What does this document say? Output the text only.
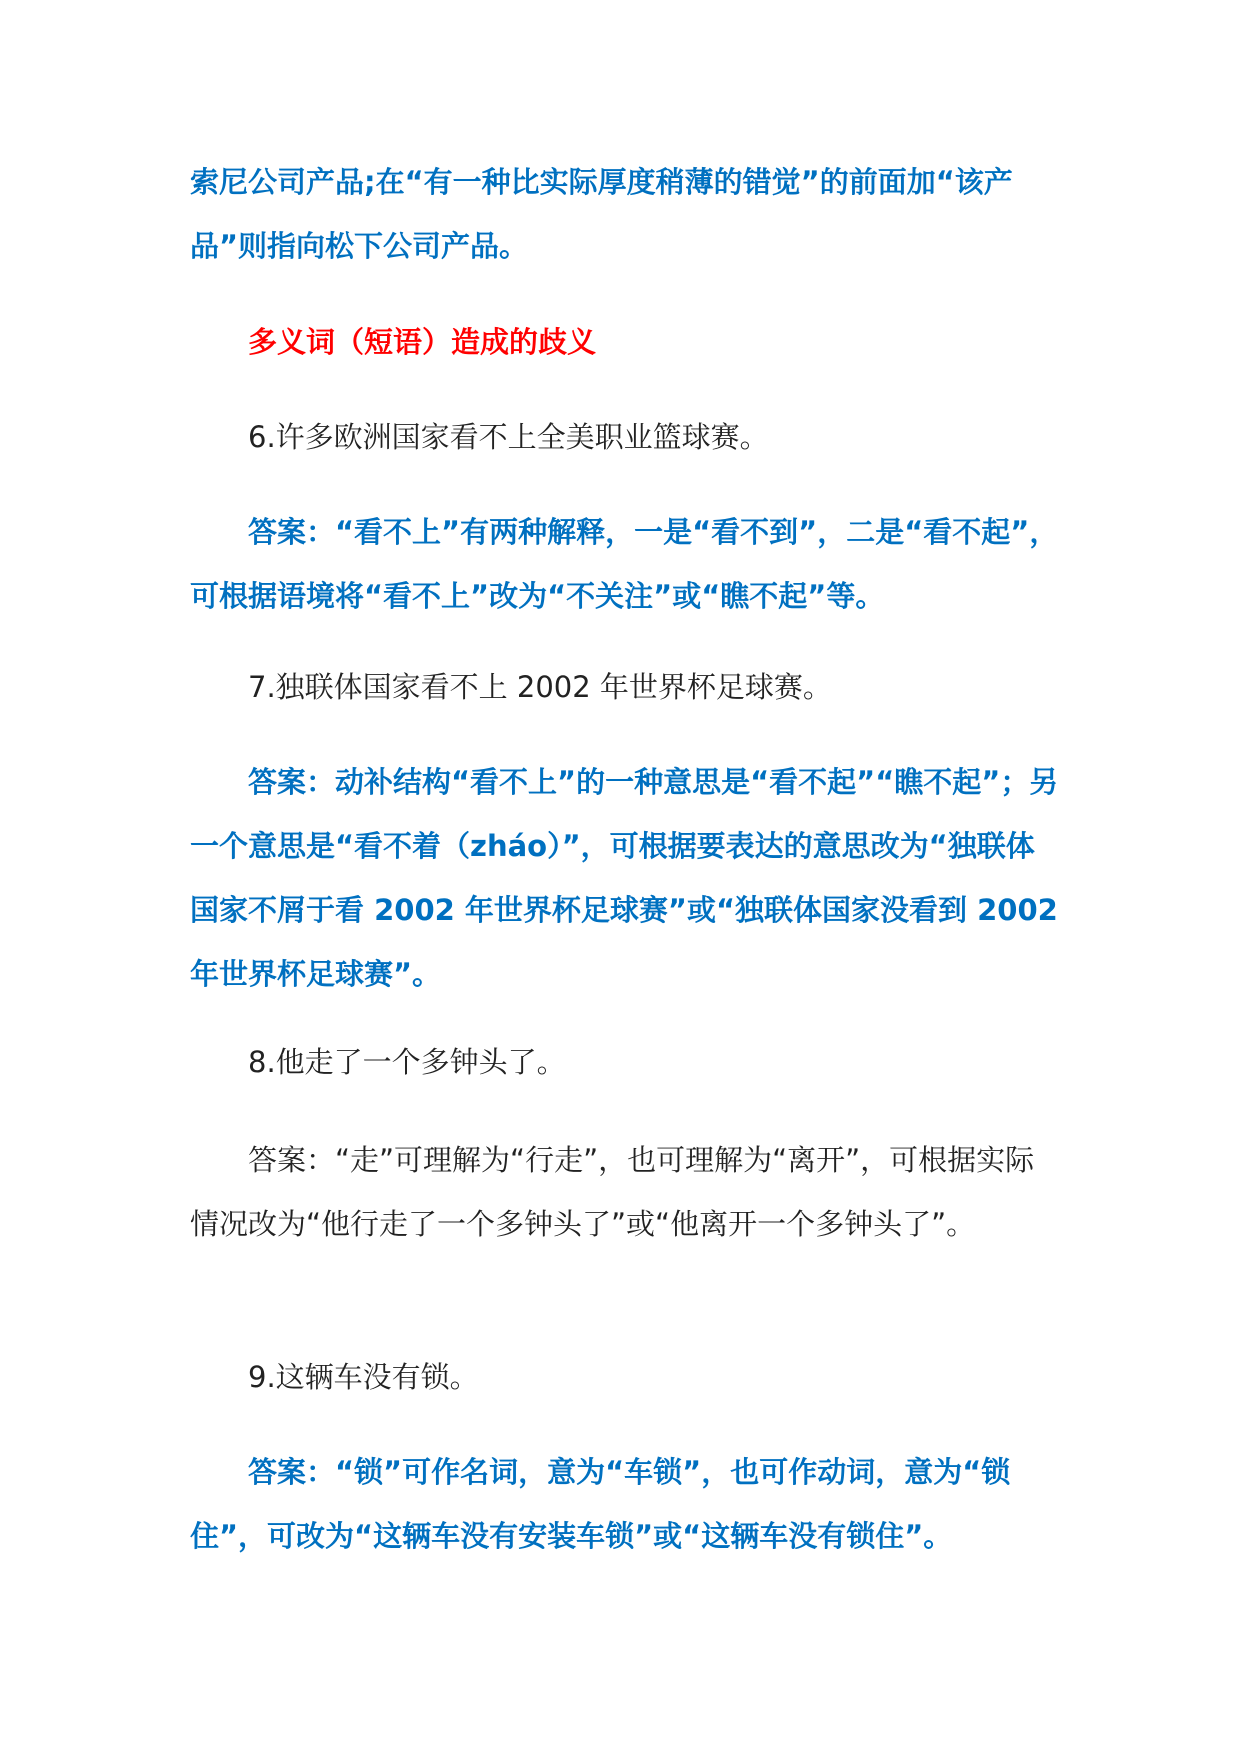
索尼公司产品;在“有一种比实际厚度稍薄的错觉”的前面加“该产品”则指向松下公司产品。

多义词（短语）造成的歧义

6.许多欧洲国家看不上全美职业篮球赛。

答案：“看不上”有两种解释，一是“看不到”，二是“看不起”，可根据语境将“看不上”改为“不关注”或“瞧不起”等。

7.独联体国家看不上 2002 年世界杯足球赛。

答案：动补结构“看不上”的一种意思是“看不起”“瞧不起”；另一个意思是“看不着（zháo）”，可根据要表达的意思改为“独联体国家不屑于看 2002 年世界杯足球赛”或“独联体国家没看到 2002 年世界杯足球赛”。

8.他走了一个多钟头了。

答案：“走”可理解为“行走”，也可理解为“离开”，可根据实际情况改为“他行走了一个多钟头了”或“他离开一个多钟头了”。

9.这辆车没有锁。

答案：“锁”可作名词，意为“车锁”，也可作动词，意为“锁住”，可改为“这辆车没有安装车锁”或“这辆车没有锁住”。
